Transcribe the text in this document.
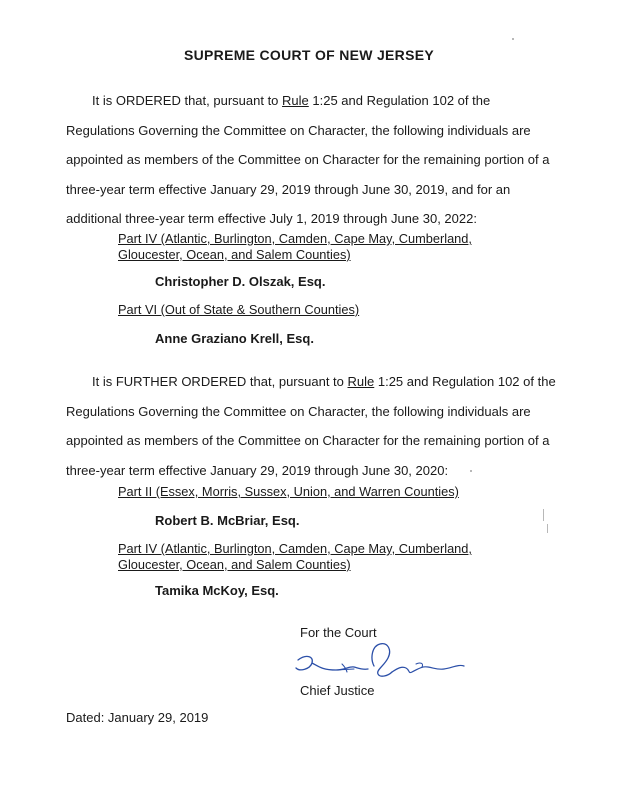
SUPREME COURT OF NEW JERSEY
It is ORDERED that, pursuant to Rule 1:25 and Regulation 102 of the
Regulations Governing the Committee on Character, the following individuals are
appointed as members of the Committee on Character for the remaining portion of a
three-year term effective January 29, 2019 through June 30, 2019, and for an
additional three-year term effective July 1, 2019 through June 30, 2022:
Part IV (Atlantic, Burlington, Camden, Cape May, Cumberland,
Gloucester, Ocean, and Salem Counties)
Christopher D. Olszak, Esq.
Part VI (Out of State & Southern Counties)
Anne Graziano Krell, Esq.
It is FURTHER ORDERED that, pursuant to Rule 1:25 and Regulation 102 of the
Regulations Governing the Committee on Character, the following individuals are
appointed as members of the Committee on Character for the remaining portion of a
three-year term effective January 29, 2019 through June 30, 2020:
Part II (Essex, Morris, Sussex, Union, and Warren Counties)
Robert B. McBriar, Esq.
Part IV (Atlantic, Burlington, Camden, Cape May, Cumberland,
Gloucester, Ocean, and Salem Counties)
Tamika McKoy, Esq.
For the Court
Chief Justice
Dated: January 29, 2019
